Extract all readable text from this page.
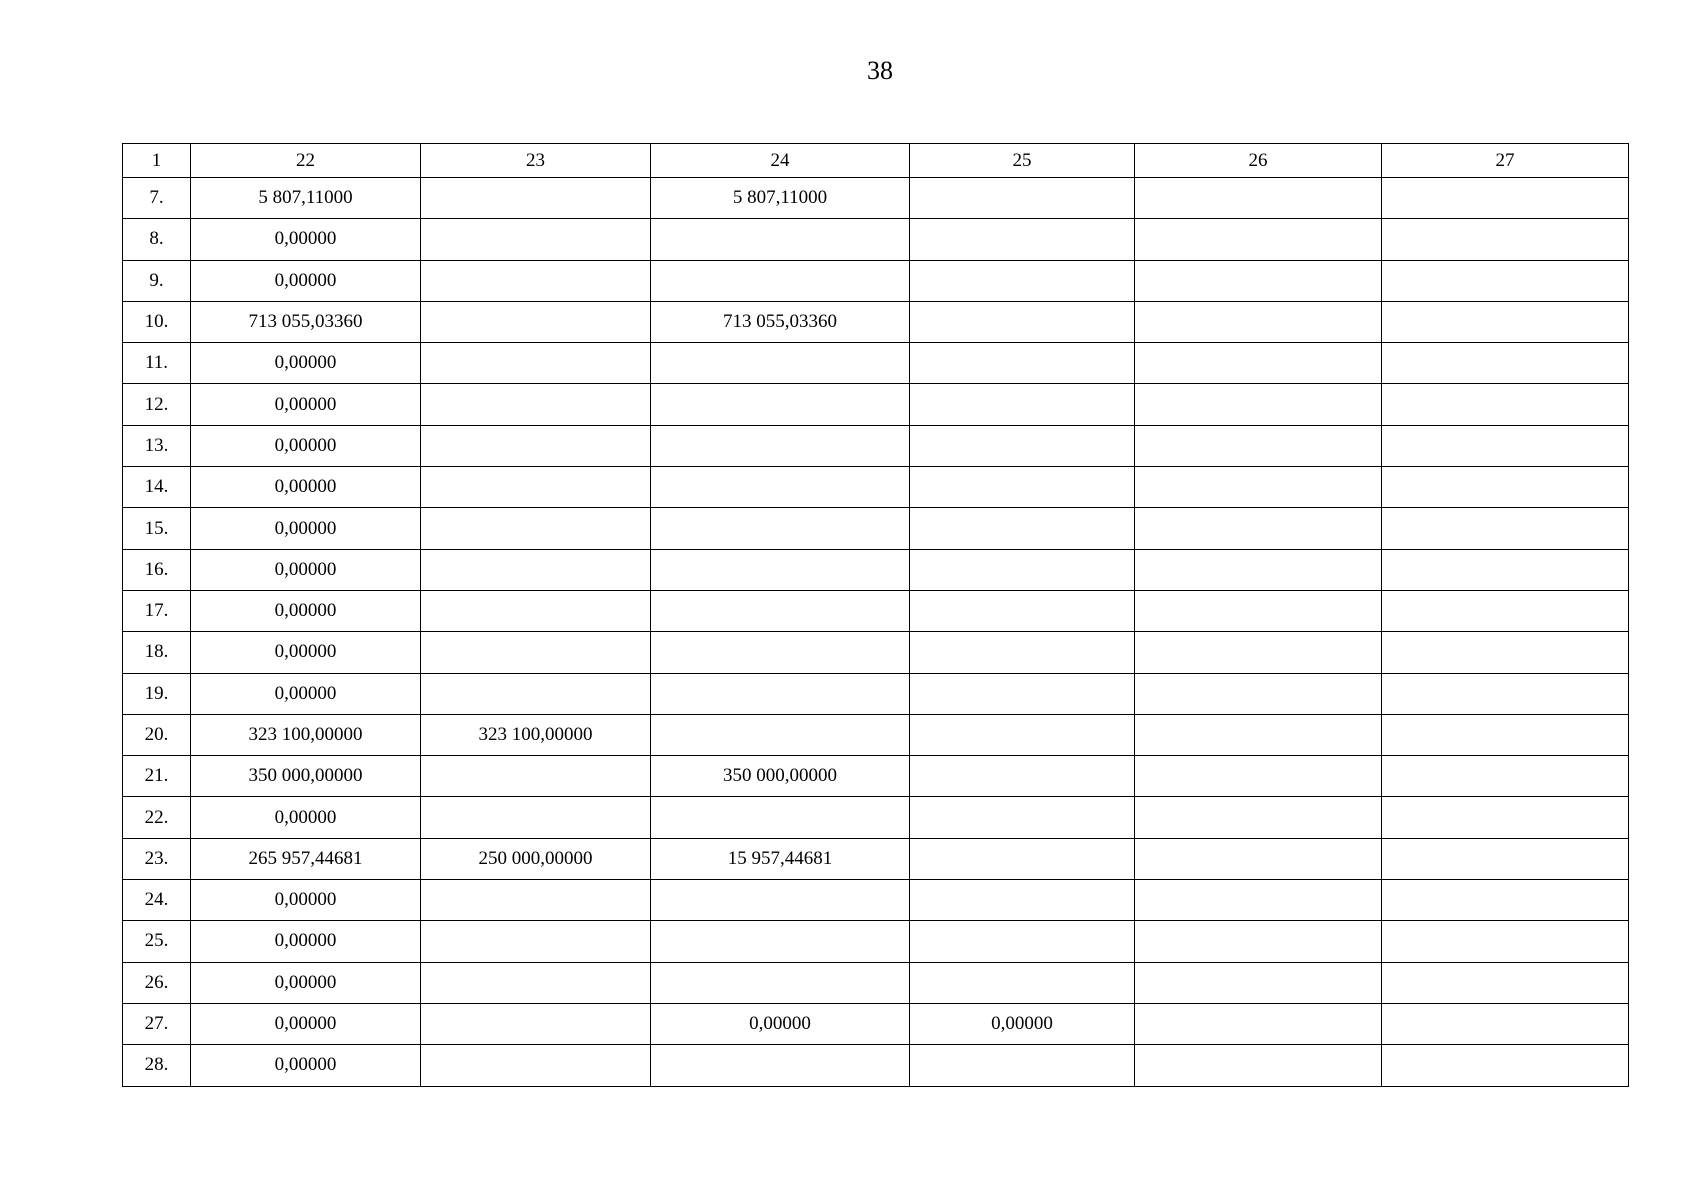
38
1	22	23	24	25	26	27
7.	5 807,11000		5 807,11000			
8.	0,00000					
9.	0,00000					
10.	713 055,03360		713 055,03360			
11.	0,00000					
12.	0,00000					
13.	0,00000					
14.	0,00000					
15.	0,00000					
16.	0,00000					
17.	0,00000					
18.	0,00000					
19.	0,00000					
20.	323 100,00000	323 100,00000				
21.	350 000,00000		350 000,00000			
22.	0,00000					
23.	265 957,44681	250 000,00000	15 957,44681			
24.	0,00000					
25.	0,00000					
26.	0,00000					
27.	0,00000		0,00000	0,00000		
28.	0,00000					
